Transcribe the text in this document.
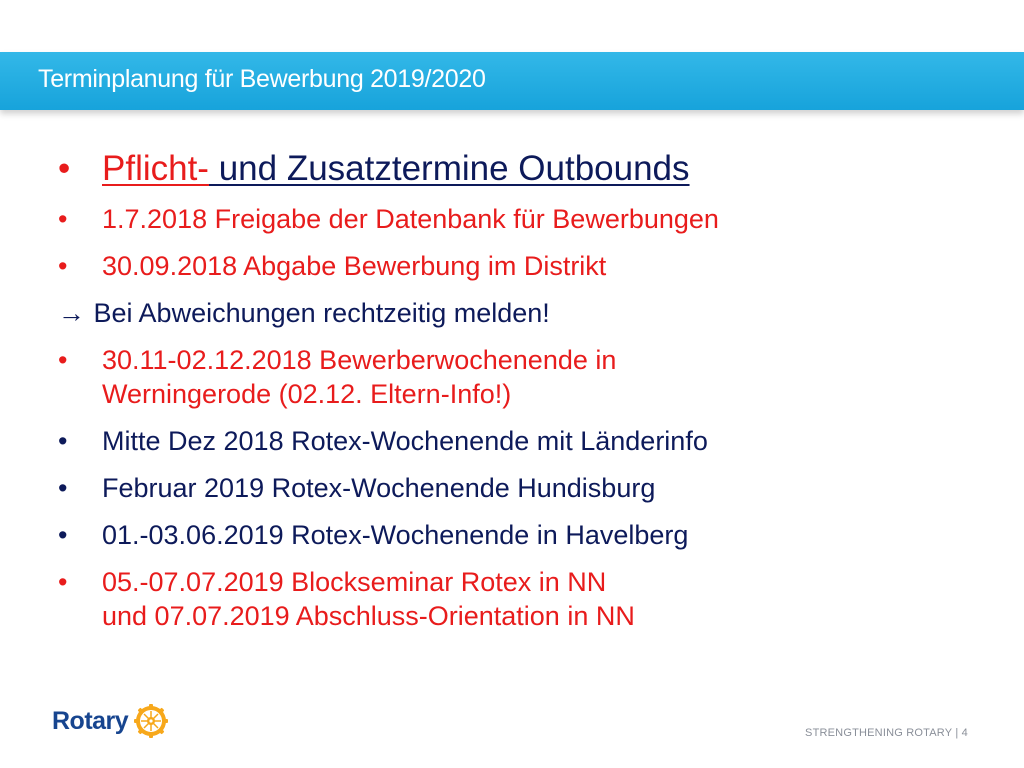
Terminplanung für Bewerbung 2019/2020
• Pflicht- und Zusatztermine Outbounds
•	1.7.2018 Freigabe der Datenbank für Bewerbungen
•	30.09.2018 Abgabe Bewerbung im Distrikt
→ Bei Abweichungen rechtzeitig melden!
•	30.11-02.12.2018 Bewerberwochenende in
Werningerode (02.12. Eltern-Info!)
•	Mitte Dez 2018 Rotex-Wochenende mit Länderinfo
•	Februar 2019 Rotex-Wochenende Hundisburg
•	01.-03.06.2019 Rotex-Wochenende in Havelberg
•	05.-07.07.2019 Blockseminar Rotex in NN
und 07.07.2019 Abschluss-Orientation in NN
Rotary	STRENGTHENING ROTARY | 4
